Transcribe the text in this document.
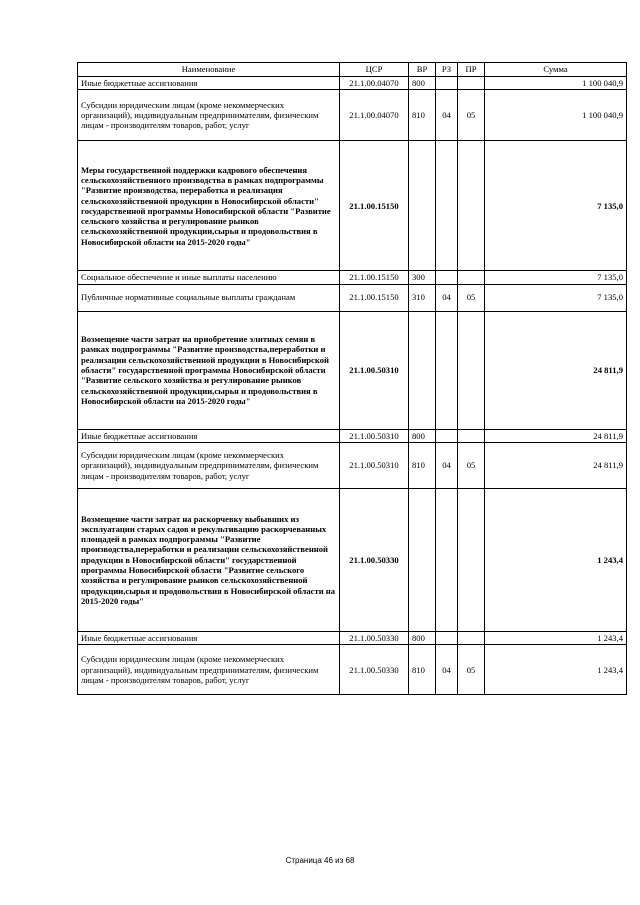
Наименование	ЦСР	ВР	РЗ	ПР	Сумма
Иные бюджетные ассигнования	21.1.00.04070	800			1 100 040,9
Субсидии юридическим лицам (кроме некоммерческих организаций), индивидуальным предпринимателям, физическим лицам - производителям товаров, работ, услуг	21.1.00.04070	810	04	05	1 100 040,9
Меры государственной поддержки кадрового обеспечения сельскохозяйственного производства в рамках подпрограммы "Развитие производства, переработка и реализация сельскохозяйственной продукции в Новосибирской области" государственной программы Новосибирской области "Развитие сельского хозяйства и регулирование рынков сельскохозяйственной продукции,сырья и продовольствия в Новосибирской области на 2015-2020 годы"	21.1.00.15150				7 135,0
Социальное обеспечение и иные выплаты населению	21.1.00.15150	300			7 135,0
Публичные нормативные социальные выплаты гражданам	21.1.00.15150	310	04	05	7 135,0
Возмещение части затрат на приобретение элитных семян в рамках подпрограммы "Развитие производства,переработки и реализации сельскохозяйственной продукции в Новосибирской области" государственной программы Новосибирской области "Развитие сельского хозяйства и регулирование рынков сельскохозяйственной продукции,сырья и продовольствия в Новосибирской области на 2015-2020 годы"	21.1.00.50310				24 811,9
Иные бюджетные ассигнования	21.1.00.50310	800			24 811,9
Субсидии юридическим лицам (кроме некоммерческих организаций), индивидуальным предпринимателям, физическим лицам - производителям товаров, работ, услуг	21.1.00.50310	810	04	05	24 811,9
Возмещение части затрат на раскорчевку выбывших из эксплуатации старых садов и рекультивацию раскорчеванных площадей в рамках подпрограммы "Развитие производства,переработки и реализации сельскохозяйственной продукции в Новосибирской области" государственной программы Новосибирской области "Развитие сельского хозяйства и регулирование рынков сельскохозяйственной продукции,сырья и продовольствия в Новосибирской области на 2015-2020 годы"	21.1.00.50330				1 243,4
Иные бюджетные ассигнования	21.1.00.50330	800			1 243,4
Субсидии юридическим лицам (кроме некоммерческих организаций), индивидуальным предпринимателям, физическим лицам - производителям товаров, работ, услуг	21.1.00.50330	810	04	05	1 243,4
Страница 46 из 68
